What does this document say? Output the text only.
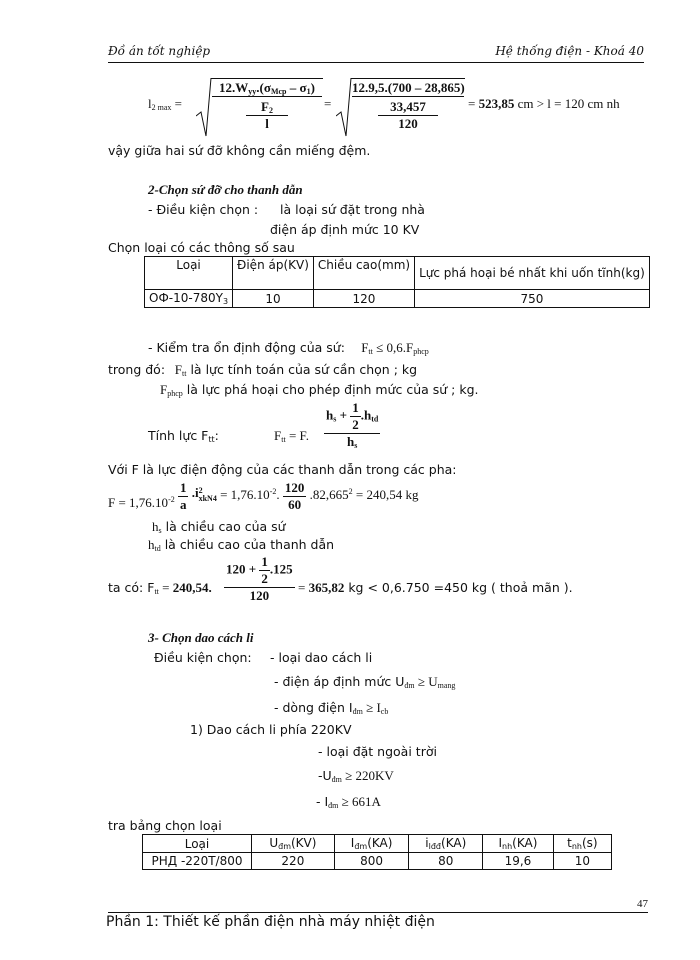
Đồ án tốt nghiệp	Hệ thống điện - Khoá 40
$l_{2 max}$ =
$12.W_{yy}.(\sigma_{Mcp} - \sigma_1)$
$F_2$
l
=
12.9,5.(700 – 28,865)
33,457
120
= 523,85 cm > l = 120 cm nh
vậy giữa hai sứ đỡ không cần miếng đệm.
2-Chọn sứ đỡ cho thanh dẫn
- Điều kiện chọn : là loại sứ đặt trong nhà
điện áp định mức 10 KV
Chọn loại có các thông số sau
Loại	Điện áp(KV)	Chiều cao(mm)	Lực phá hoại bé nhất khi uốn tĩnh(kg)
$OФ-10-780Y_3$	10	120	750
- Kiểm tra ổn định động của sứ: $F_{tt} \le 0,6.F_{phcp}$
trong đó: $F_{tt}$ là lực tính toán của sứ cần chọn ; kg
$F_{phcp}$ là lực phá hoại cho phép định mức của sứ ; kg.
Tính lực $F_{tt}$:	$F_{tt} = F$.
$h_s + \frac{1}{2} .h_{td}$
$h_s$
Với F là lực điện động của các thanh dẫn trong các pha:
$F = 1,76.10^{-2} \frac{1}{a} .i$ 2
$xkN4 = 1,76.10^{-2}$. $\frac{120}{60} .82,665^2 = 240,54$ kg
$h_s$ là chiều cao của sứ
$h_{td}$ là chiều cao của thanh dẫn
ta có: $F_{tt} = 240,54$.
$120 + \frac{1}{2} .125$
120
= 365,82 kg < 0,6.750 =450 kg ( thoả mãn ).
3- Chọn dao cách li
Điều kiện chọn: - loại dao cách li
- điện áp định mức $U_{đm} \ge U_{mang}$
- dòng điện $I_{đm} \ge I_{cb}$
1) Dao cách li phía 220KV
- loại đặt ngoài trời
$-U_{đm} \ge 220KV$
- $I_{đm} \ge 661A$
tra bảng chọn loại
Loại	$U_{đm}(KV)$	$I_{đm}(KA)$	$i_{lđđ}(KA)$	$I_{nh}(KA)$	$t_{nh}(s)$
РНД -220T/800	220	800	80	19,6	10
47
Phần 1: Thiết kế phần điện nhà máy nhiệt điện
